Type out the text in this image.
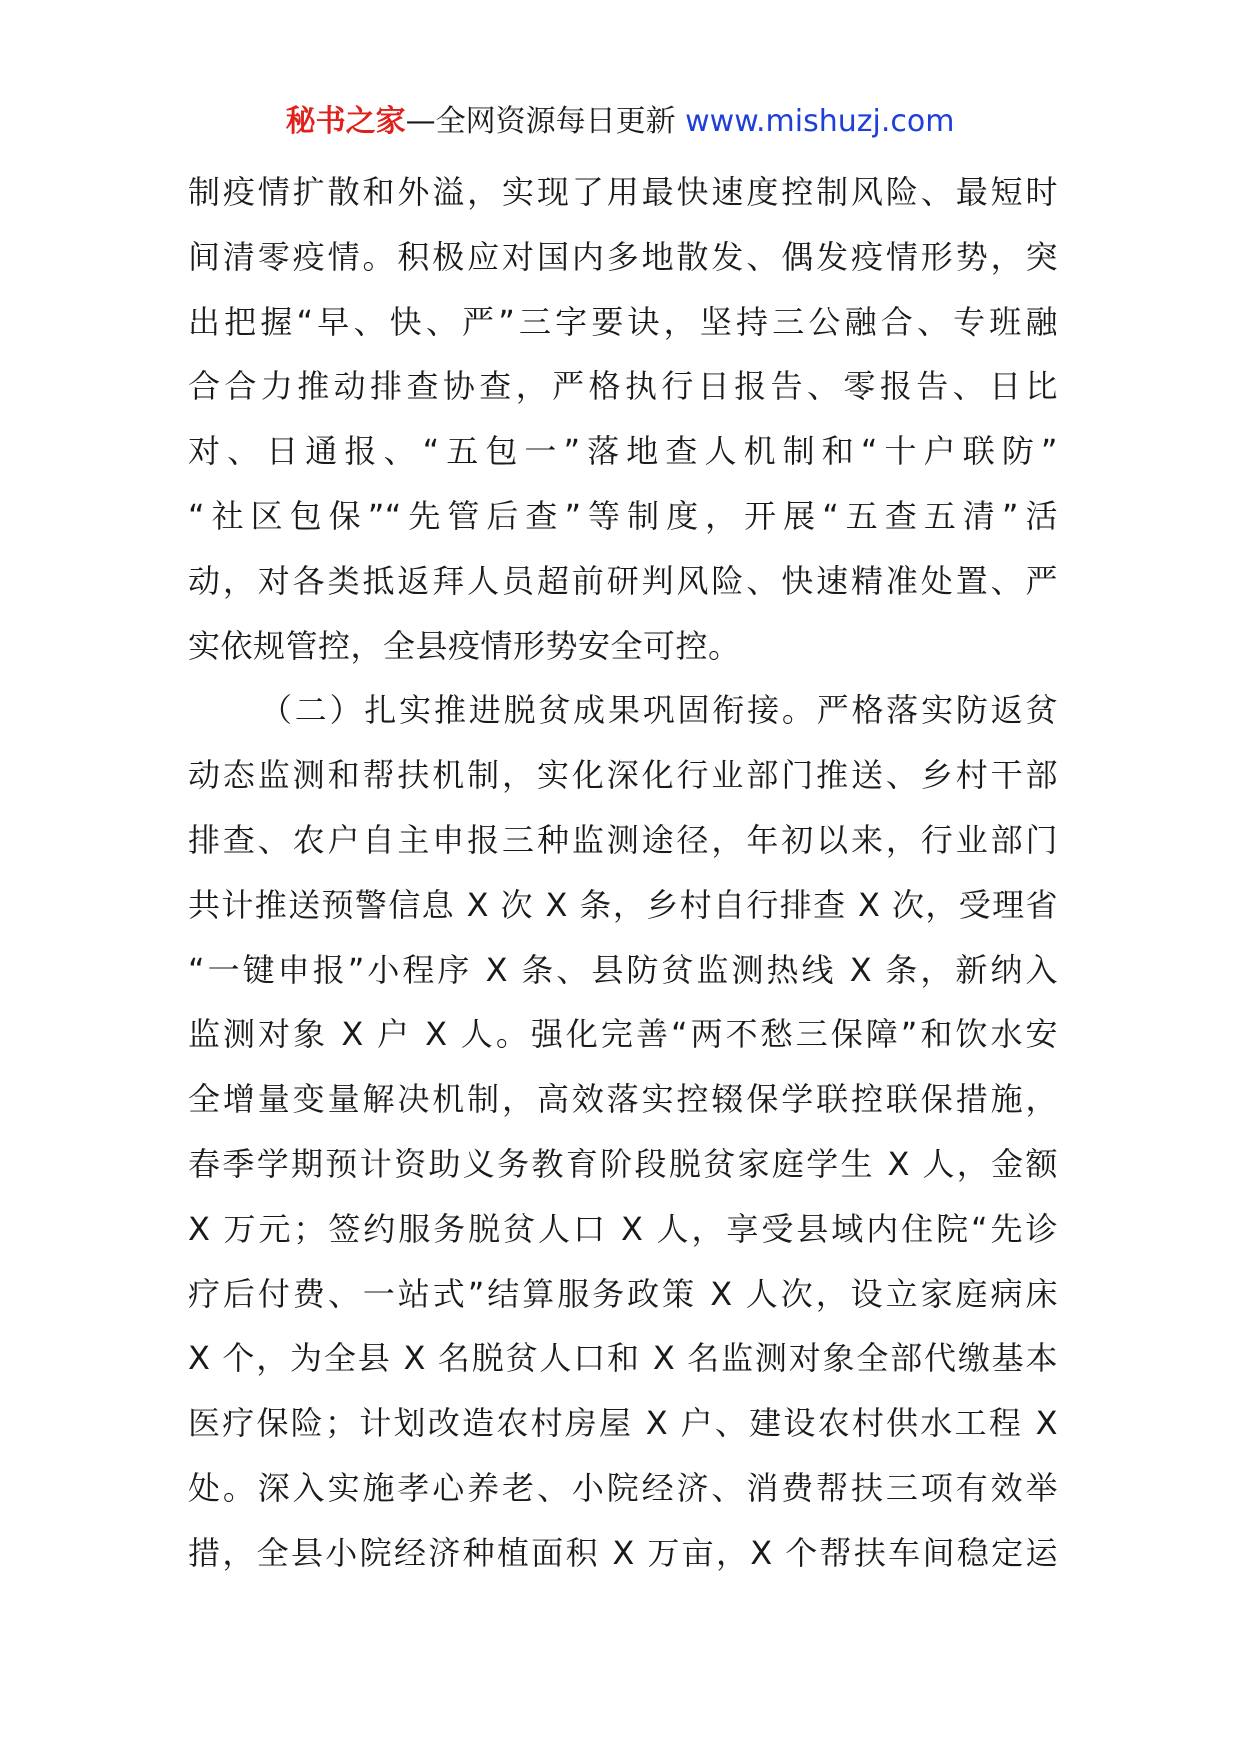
秘书之家—全网资源每日更新 www.mishuzj.com
制疫情扩散和外溢，实现了用最快速度控制风险、最短时
间清零疫情。积极应对国内多地散发、偶发疫情形势，突
出把握“早、快、严”三字要诀，坚持三公融合、专班融
合合力推动排查协查，严格执行日报告、零报告、日比
对、日通报、“五包一”落地查人机制和“十户联防”
“社区包保”“先管后查”等制度，开展“五查五清”活
动，对各类抵返拜人员超前研判风险、快速精准处置、严
实依规管控，全县疫情形势安全可控。
（二）扎实推进脱贫成果巩固衔接。严格落实防返贫
动态监测和帮扶机制，实化深化行业部门推送、乡村干部
排查、农户自主申报三种监测途径，年初以来，行业部门
共计推送预警信息 X 次 X 条，乡村自行排查 X 次，受理省
“一键申报”小程序 X 条、县防贫监测热线 X 条，新纳入
监测对象 X 户 X 人。强化完善“两不愁三保障”和饮水安
全增量变量解决机制，高效落实控辍保学联控联保措施，
春季学期预计资助义务教育阶段脱贫家庭学生 X 人，金额
X 万元；签约服务脱贫人口 X 人，享受县域内住院“先诊
疗后付费、一站式”结算服务政策 X 人次，设立家庭病床
X 个，为全县 X 名脱贫人口和 X 名监测对象全部代缴基本
医疗保险；计划改造农村房屋 X 户、建设农村供水工程 X
处。深入实施孝心养老、小院经济、消费帮扶三项有效举
措，全县小院经济种植面积 X 万亩，X 个帮扶车间稳定运
